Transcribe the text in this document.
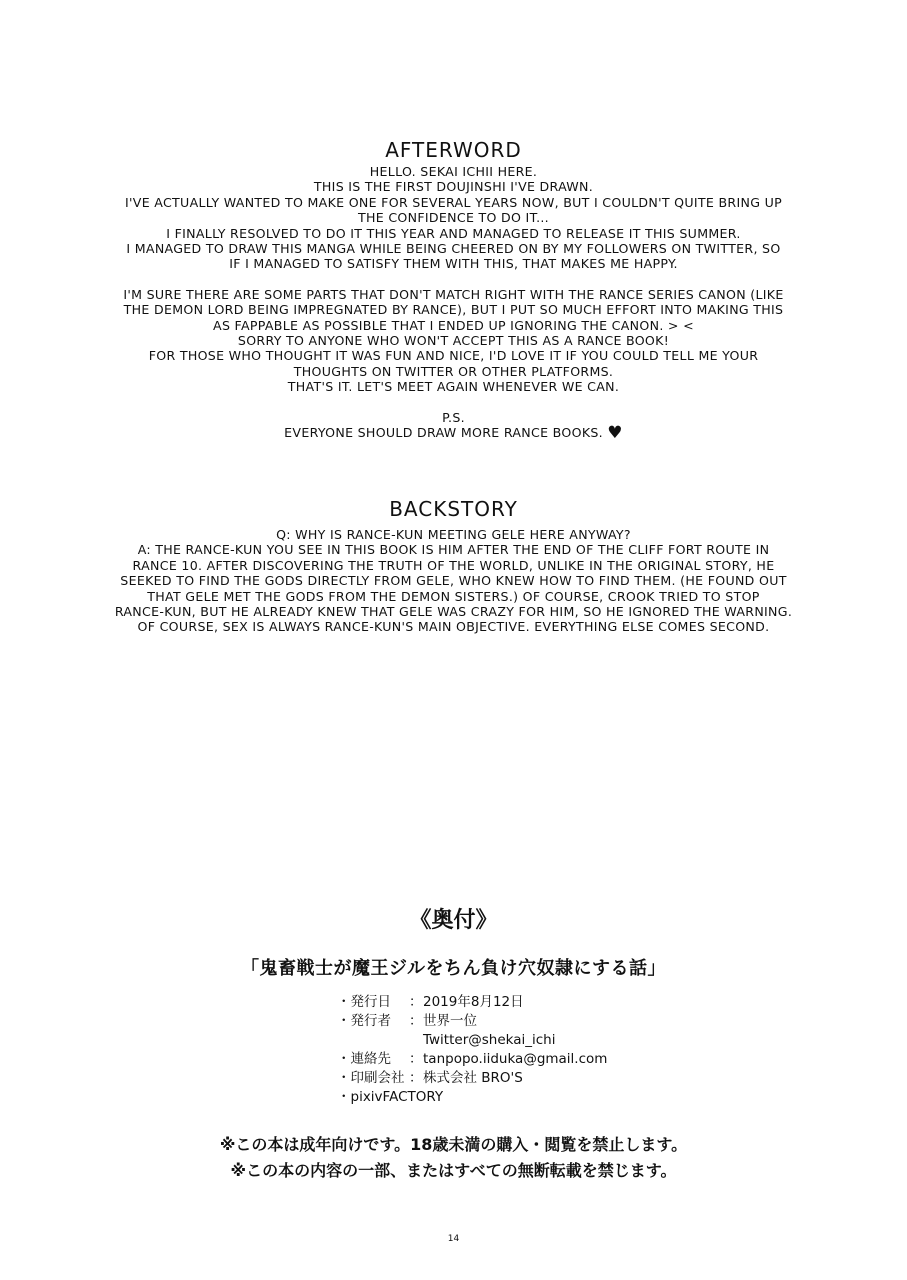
AFTERWORD
HELLO. SEKAI ICHII HERE.
THIS IS THE FIRST DOUJINSHI I'VE DRAWN.
I'VE ACTUALLY WANTED TO MAKE ONE FOR SEVERAL YEARS NOW, BUT I COULDN'T QUITE BRING UP
THE CONFIDENCE TO DO IT...
I FINALLY RESOLVED TO DO IT THIS YEAR AND MANAGED TO RELEASE IT THIS SUMMER.
I MANAGED TO DRAW THIS MANGA WHILE BEING CHEERED ON BY MY FOLLOWERS ON TWITTER, SO
IF I MANAGED TO SATISFY THEM WITH THIS, THAT MAKES ME HAPPY.
I'M SURE THERE ARE SOME PARTS THAT DON'T MATCH RIGHT WITH THE RANCE SERIES CANON (LIKE
THE DEMON LORD BEING IMPREGNATED BY RANCE), BUT I PUT SO MUCH EFFORT INTO MAKING THIS
AS FAPPABLE AS POSSIBLE THAT I ENDED UP IGNORING THE CANON. > <
SORRY TO ANYONE WHO WON'T ACCEPT THIS AS A RANCE BOOK!
FOR THOSE WHO THOUGHT IT WAS FUN AND NICE, I'D LOVE IT IF YOU COULD TELL ME YOUR
THOUGHTS ON TWITTER OR OTHER PLATFORMS.
THAT'S IT. LET'S MEET AGAIN WHENEVER WE CAN.
P.S.
EVERYONE SHOULD DRAW MORE RANCE BOOKS. ♥
BACKSTORY
Q: WHY IS RANCE-KUN MEETING GELE HERE ANYWAY?
A: THE RANCE-KUN YOU SEE IN THIS BOOK IS HIM AFTER THE END OF THE CLIFF FORT ROUTE IN
RANCE 10. AFTER DISCOVERING THE TRUTH OF THE WORLD, UNLIKE IN THE ORIGINAL STORY, HE
SEEKED TO FIND THE GODS DIRECTLY FROM GELE, WHO KNEW HOW TO FIND THEM. (HE FOUND OUT
THAT GELE MET THE GODS FROM THE DEMON SISTERS.) OF COURSE, CROOK TRIED TO STOP
RANCE-KUN, BUT HE ALREADY KNEW THAT GELE WAS CRAZY FOR HIM, SO HE IGNORED THE WARNING.
OF COURSE, SEX IS ALWAYS RANCE-KUN'S MAIN OBJECTIVE. EVERYTHING ELSE COMES SECOND.
《奥付》
「鬼畜戦士が魔王ジルをちん負け穴奴隷にする話」
・発行日	： 2019年8月12日
・発行者	： 世界一位
Twitter@shekai_ichi
・連絡先	： tanpopo.iiduka@gmail.com
・印刷会社 ： 株式会社 BRO'S
・pixivFACTORY
※この本は成年向けです。18歳未満の購入・閲覧を禁止します。
※この本の内容の一部、またはすべての無断転載を禁じます。
14
